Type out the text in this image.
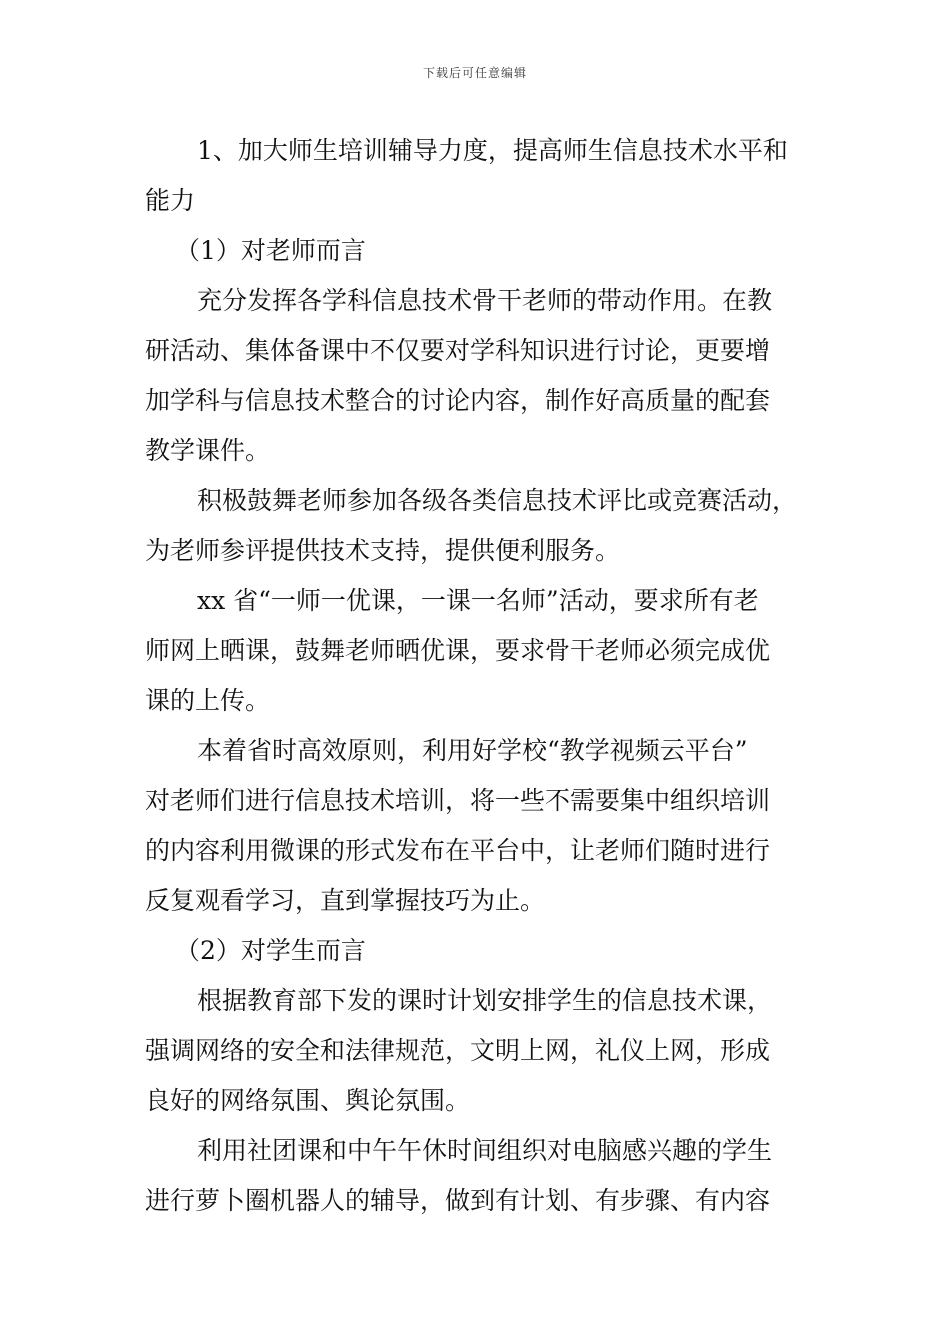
下载后可任意编辑
1、加大师生培训辅导力度，提高师生信息技术水平和
能力
（1）对老师而言
充分发挥各学科信息技术骨干老师的带动作用。在教
研活动、集体备课中不仅要对学科知识进行讨论，更要增
加学科与信息技术整合的讨论内容，制作好高质量的配套
教学课件。
积极鼓舞老师参加各级各类信息技术评比或竞赛活动，
为老师参评提供技术支持，提供便利服务。
xx 省“一师一优课，一课一名师”活动，要求所有老
师网上晒课，鼓舞老师晒优课，要求骨干老师必须完成优
课的上传。
本着省时高效原则，利用好学校“教学视频云平台”
对老师们进行信息技术培训，将一些不需要集中组织培训
的内容利用微课的形式发布在平台中，让老师们随时进行
反复观看学习，直到掌握技巧为止。
（2）对学生而言
根据教育部下发的课时计划安排学生的信息技术课，
强调网络的安全和法律规范，文明上网，礼仪上网，形成
良好的网络氛围、舆论氛围。
利用社团课和中午午休时间组织对电脑感兴趣的学生
进行萝卜圈机器人的辅导，做到有计划、有步骤、有内容
